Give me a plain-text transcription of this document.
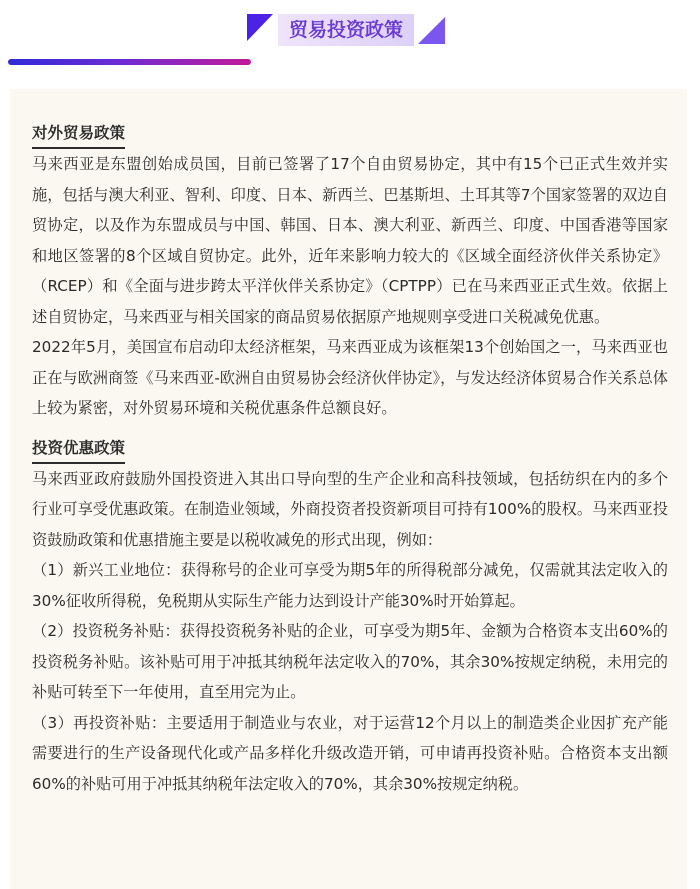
贸易投资政策
对外贸易政策

马来西亚是东盟创始成员国，目前已签署了17个自由贸易协定，其中有15个已正式生效并实施，包括与澳大利亚、智利、印度、日本、新西兰、巴基斯坦、土耳其等7个国家签署的双边自贸协定，以及作为东盟成员与中国、韩国、日本、澳大利亚、新西兰、印度、中国香港等国家和地区签署的8个区域自贸协定。此外，近年来影响力较大的《区域全面经济伙伴关系协定》（RCEP）和《全面与进步跨太平洋伙伴关系协定》（CPTPP）已在马来西亚正式生效。依据上述自贸协定，马来西亚与相关国家的商品贸易依据原产地规则享受进口关税减免优惠。

2022年5月，美国宣布启动印太经济框架，马来西亚成为该框架13个创始国之一，马来西亚也正在与欧洲商签《马来西亚-欧洲自由贸易协会经济伙伴协定》，与发达经济体贸易合作关系总体上较为紧密，对外贸易环境和关税优惠条件总额良好。

投资优惠政策

马来西亚政府鼓励外国投资进入其出口导向型的生产企业和高科技领域，包括纺织在内的多个行业可享受优惠政策。在制造业领域，外商投资者投资新项目可持有100%的股权。马来西亚投资鼓励政策和优惠措施主要是以税收减免的形式出现，例如：

（1）新兴工业地位：获得称号的企业可享受为期5年的所得税部分减免，仅需就其法定收入的30%征收所得税，免税期从实际生产能力达到设计产能30%时开始算起。

（2）投资税务补贴：获得投资税务补贴的企业，可享受为期5年、金额为合格资本支出60%的投资税务补贴。该补贴可用于冲抵其纳税年法定收入的70%，其余30%按规定纳税，未用完的补贴可转至下一年使用，直至用完为止。

（3）再投资补贴：主要适用于制造业与农业，对于运营12个月以上的制造类企业因扩充产能需要进行的生产设备现代化或产品多样化升级改造开销，可申请再投资补贴。合格资本支出额60%的补贴可用于冲抵其纳税年法定收入的70%，其余30%按规定纳税。
